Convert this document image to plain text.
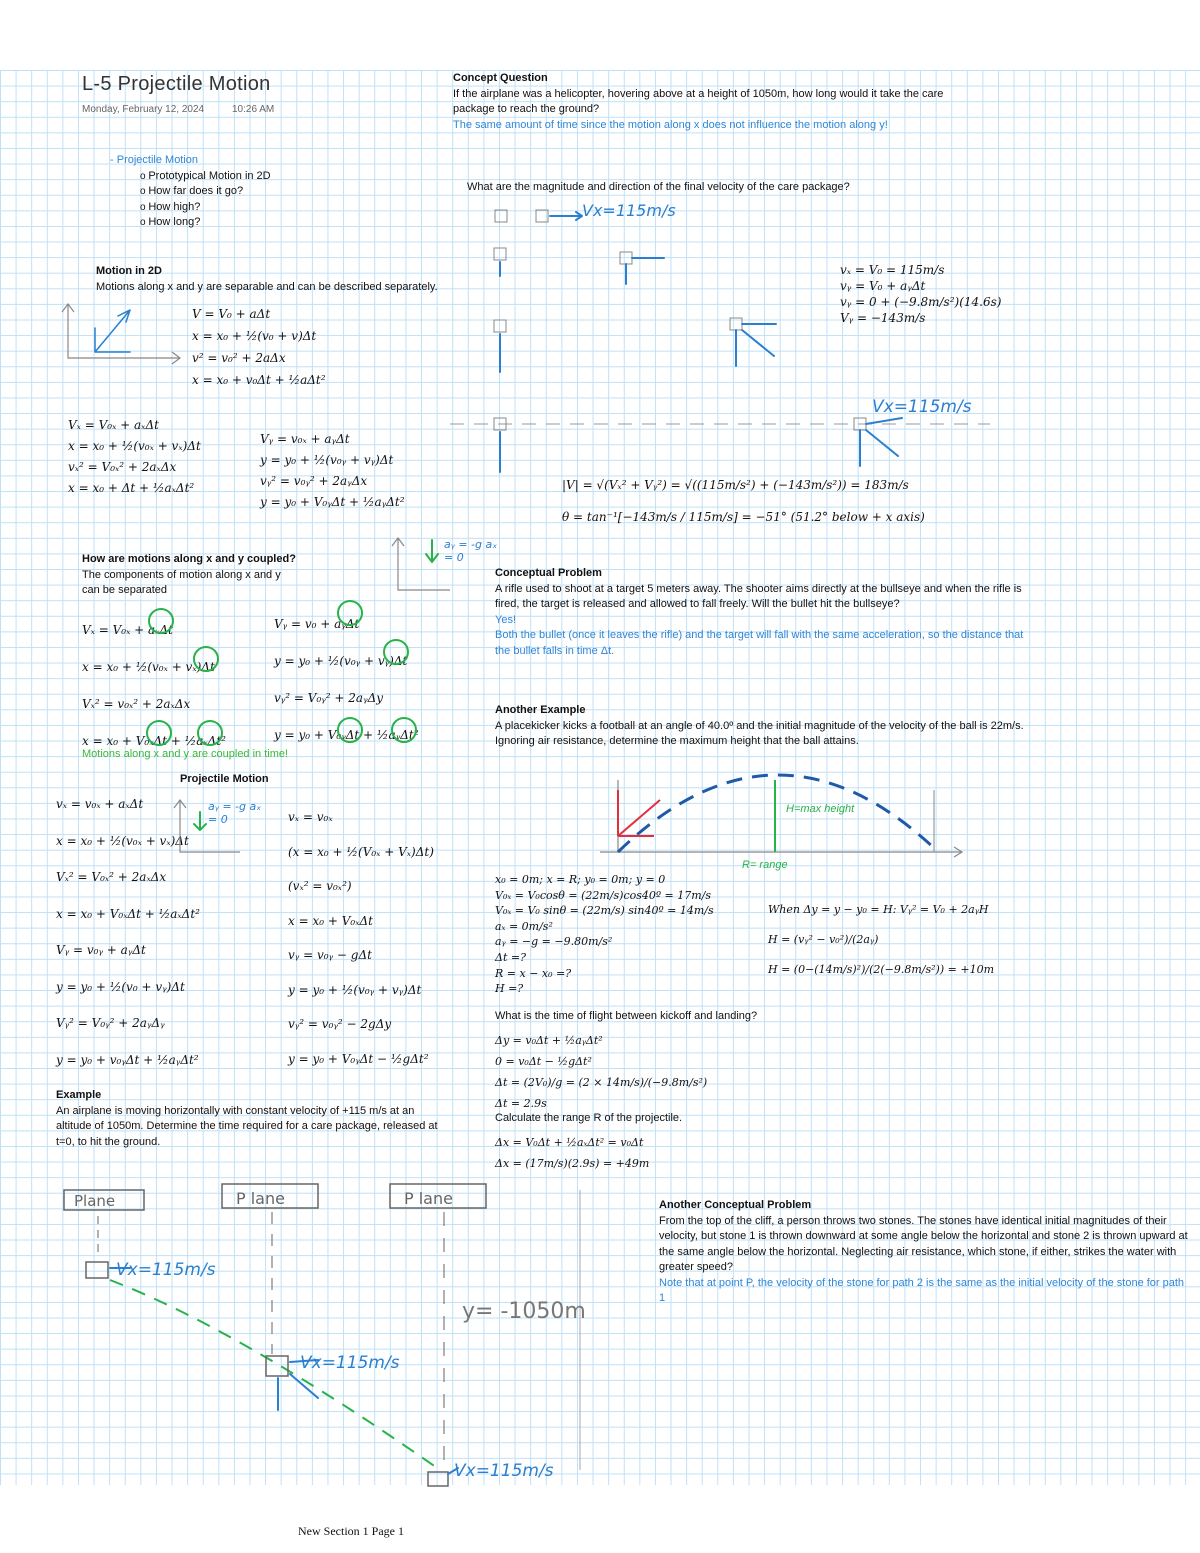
L-5 Projectile Motion
Monday, February 12, 2024	10:26 AM
- Projectile Motion
o Prototypical Motion in 2D
o How far does it go?
o How high?
o How long?
Motion in 2D
Motions along x and y are separable and can be described separately.
V = V₀ + aΔt
x = x₀ + ½(v₀ + v)Δt
v² = v₀² + 2aΔx
x = x₀ + v₀Δt + ½aΔt²
Vₓ = V₀ₓ + aₓΔt
x = x₀ + ½(v₀ₓ + vₓ)Δt
vₓ² = V₀ₓ² + 2aₓΔx
x = x₀ + Δt + ½aₓΔt²
Vᵧ = v₀ₓ + aᵧΔt
y = y₀ + ½(v₀ᵧ + vᵧ)Δt
vᵧ² = v₀ᵧ² + 2aᵧΔx
y = y₀ + V₀ᵧΔt + ½aᵧΔt²
How are motions along x and y coupled?
The components of motion along x and y
can be separated
Vₓ = V₀ₓ + aₓΔt
x = x₀ + ½(v₀ₓ + vₓ)Δt
Vₓ² = v₀ₓ² + 2aₓΔx
x = x₀ + V₀ₓΔt + ½aₓΔt²
Vᵧ = v₀ + aᵧΔt
y = y₀ + ½(v₀ᵧ + vᵧ)Δt
vᵧ² = V₀ᵧ² + 2aᵧΔy
y = y₀ + V₀ᵧΔt + ½aᵧΔt²
Motions along x and y are coupled in time!
aᵧ = -g aₓ = 0
Projectile Motion
aᵧ = -g aₓ = 0
vₓ = v₀ₓ + aₓΔt
x = x₀ + ½(v₀ₓ + vₓ)Δt
Vₓ² = V₀ₓ² + 2aₓΔx
x = x₀ + V₀ₓΔt + ½aₓΔt²
Vᵧ = v₀ᵧ + aᵧΔt
y = y₀ + ½(v₀ + vᵧ)Δt
Vᵧ² = V₀ᵧ² + 2aᵧΔᵧ
y = y₀ + v₀ᵧΔt + ½aᵧΔt²
vₓ = v₀ₓ
(x = x₀ + ½(V₀ₓ + Vₓ)Δt)
(vₓ² = v₀ₓ²)
x = x₀ + V₀ₓΔt
vᵧ = v₀ᵧ − gΔt
y = y₀ + ½(v₀ᵧ + vᵧ)Δt
vᵧ² = v₀ᵧ² − 2gΔy
y = y₀ + V₀ᵧΔt − ½gΔt²
Example
An airplane is moving horizontally with constant velocity of +115 m/s at an altitude of 1050m. Determine the time required for a care package, released at t=0, to hit the ground.
Concept Question
If the airplane was a helicopter, hovering above at a height of 1050m, how long would it take the care package to reach the ground?
The same amount of time since the motion along x does not influence the motion along y!
What are the magnitude and direction of the final velocity of the care package?
vₓ = V₀ = 115m/s
vᵧ = V₀ + aᵧΔt
vᵧ = 0 + (−9.8m/s²)(14.6s)
Vᵧ = −143m/s
|V| = √(Vₓ² + Vᵧ²) = √((115m/s²) + (−143m/s²)) = 183m/s
θ = tan⁻¹[−143m/s / 115m/s] = −51° (51.2° below + x axis)
Conceptual Problem
A rifle used to shoot at a target 5 meters away. The shooter aims directly at the bullseye and when the rifle is fired, the target is released and allowed to fall freely. Will the bullet hit the bullseye?
Yes!
Both the bullet (once it leaves the rifle) and the target will fall with the same acceleration, so the distance that the bullet falls in time Δt.
Another Example
A placekicker kicks a football at an angle of 40.0º and the initial magnitude of the velocity of the ball is 22m/s. Ignoring air resistance, determine the maximum height that the ball attains.
x₀ = 0m; x = R; y₀ = 0m; y = 0
V₀ₓ = V₀cosθ = (22m/s)cos40º = 17m/s
V₀ₓ = V₀ sinθ = (22m/s) sin40º = 14m/s
aₓ = 0m/s²
aᵧ = −g = −9.80m/s²
Δt =?
R = x − x₀ =?
H =?
When Δy = y − y₀ = H: Vᵧ² = V₀ + 2aᵧH
H = (vᵧ² − v₀²)/(2aᵧ)
H = (0−(14m/s)²)/(2(−9.8m/s²)) = +10m
What is the time of flight between kickoff and landing?
Δy = v₀Δt + ½aᵧΔt²
0 = v₀Δt − ½gΔt²
Δt = (2V₀)/g = (2 × 14m/s)/(−9.8m/s²)
Δt = 2.9s
Calculate the range R of the projectile.
Δx = V₀Δt + ½aₓΔt² = v₀Δt
Δx = (17m/s)(2.9s) = +49m
Another Conceptual Problem
From the top of the cliff, a person throws two stones. The stones have identical initial magnitudes of their velocity, but stone 1 is thrown downward at some angle below the horizontal and stone 2 is thrown upward at the same angle below the horizontal. Neglecting air resistance, which stone, if either, strikes the water with greater speed?
Note that at point P, the velocity of the stone for path 2 is the same as the initial velocity of the stone for path 1
Vx=115m/s
Vx=115m/s
H=max height
R= range
Plane	P lane	P lane
Vx=115m/s
Vx=115m/s
y= -1050m
Vx=115m/s
New Section 1 Page 1
